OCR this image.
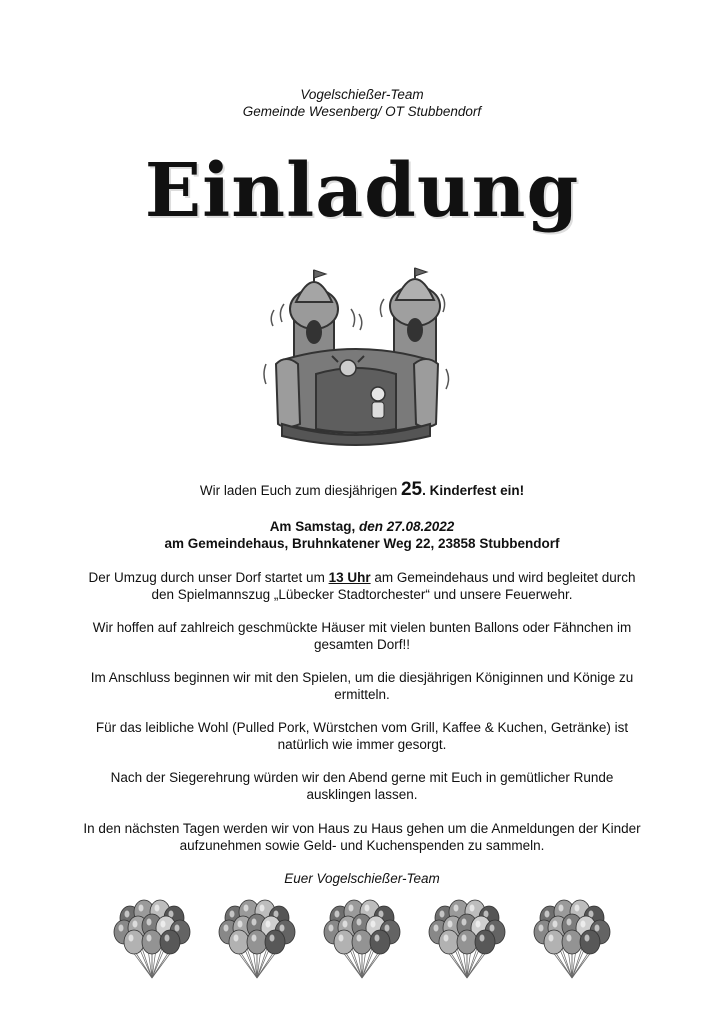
Vogelschießer-Team
Gemeinde Wesenberg/ OT Stubbendorf
Einladung
Wir laden Euch zum diesjährigen 25. Kinderfest ein!
Am Samstag, den 27.08.2022
am Gemeindehaus, Bruhnkatener Weg 22, 23858 Stubbendorf
Der Umzug durch unser Dorf startet um 13 Uhr am Gemeindehaus und wird begleitet durch den Spielmannszug „Lübecker Stadtorchester“ und unsere Feuerwehr.
Wir hoffen auf zahlreich geschmückte Häuser mit vielen bunten Ballons oder Fähnchen im gesamten Dorf!!
Im Anschluss beginnen wir mit den Spielen, um die diesjährigen Königinnen und Könige zu ermitteln.
Für das leibliche Wohl (Pulled Pork, Würstchen vom Grill, Kaffee & Kuchen, Getränke) ist natürlich wie immer gesorgt.
Nach der Siegerehrung würden wir den Abend gerne mit Euch in gemütlicher Runde ausklingen lassen.
In den nächsten Tagen werden wir von Haus zu Haus gehen um die Anmeldungen der Kinder aufzunehmen sowie Geld- und Kuchenspenden zu sammeln.
Euer Vogelschießer-Team
